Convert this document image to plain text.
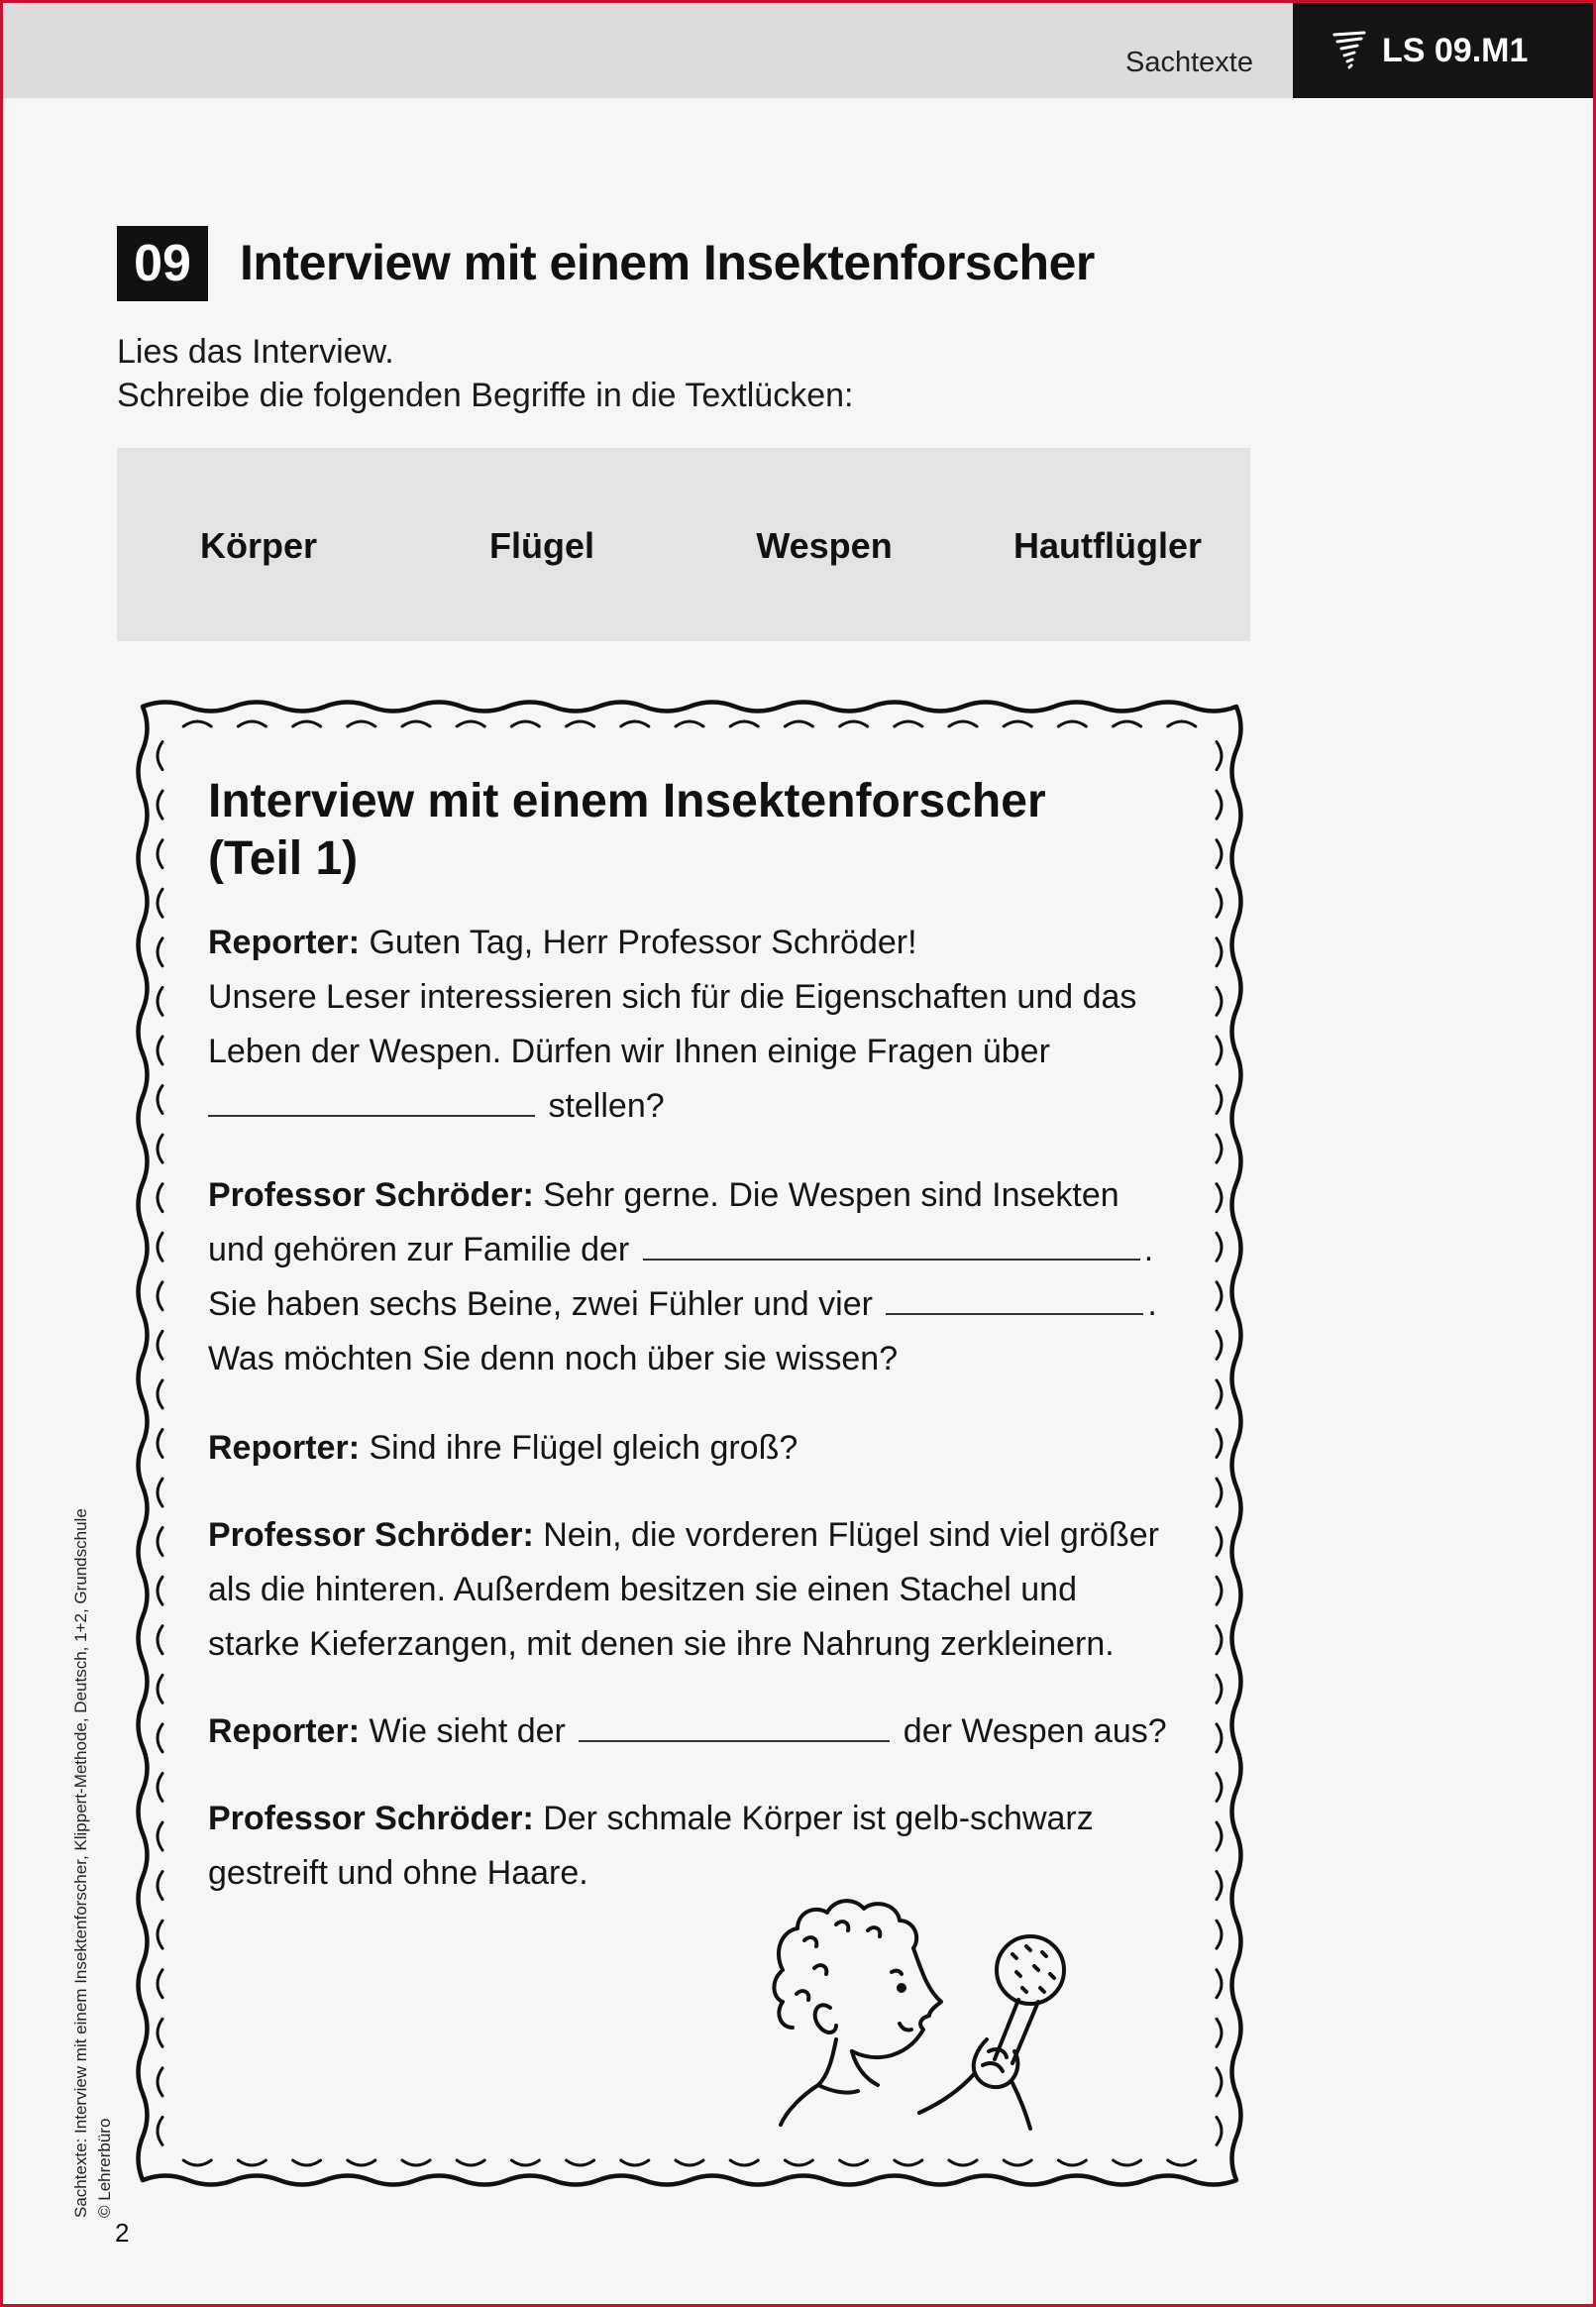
Sachtexte	LS 09.M1
09 Interview mit einem Insektenforscher
Lies das Interview.
Schreibe die folgenden Begriffe in die Textlücken:
Körper	Flügel	Wespen	Hautflügler
Interview mit einem Insektenforscher
(Teil 1)
Reporter: Guten Tag, Herr Professor Schröder!
Unsere Leser interessieren sich für die Eigenschaften und das
Leben der Wespen. Dürfen wir Ihnen einige Fragen über
stellen?
Professor Schröder: Sehr gerne. Die Wespen sind Insekten
und gehören zur Familie der	.
Sie haben sechs Beine, zwei Fühler und vier	.
Was möchten Sie denn noch über sie wissen?
Reporter: Sind ihre Flügel gleich groß?
Professor Schröder: Nein, die vorderen Flügel sind viel größer
als die hinteren. Außerdem besitzen sie einen Stachel und
starke Kieferzangen, mit denen sie ihre Nahrung zerkleinern.
Reporter: Wie sieht der	der Wespen aus?
Professor Schröder: Der schmale Körper ist gelb-schwarz
gestreift und ohne Haare.
Sachtexte: Interview mit einem Insektenforscher, Klippert-Methode, Deutsch, 1+2, Grundschule © Lehrerbüro
2
